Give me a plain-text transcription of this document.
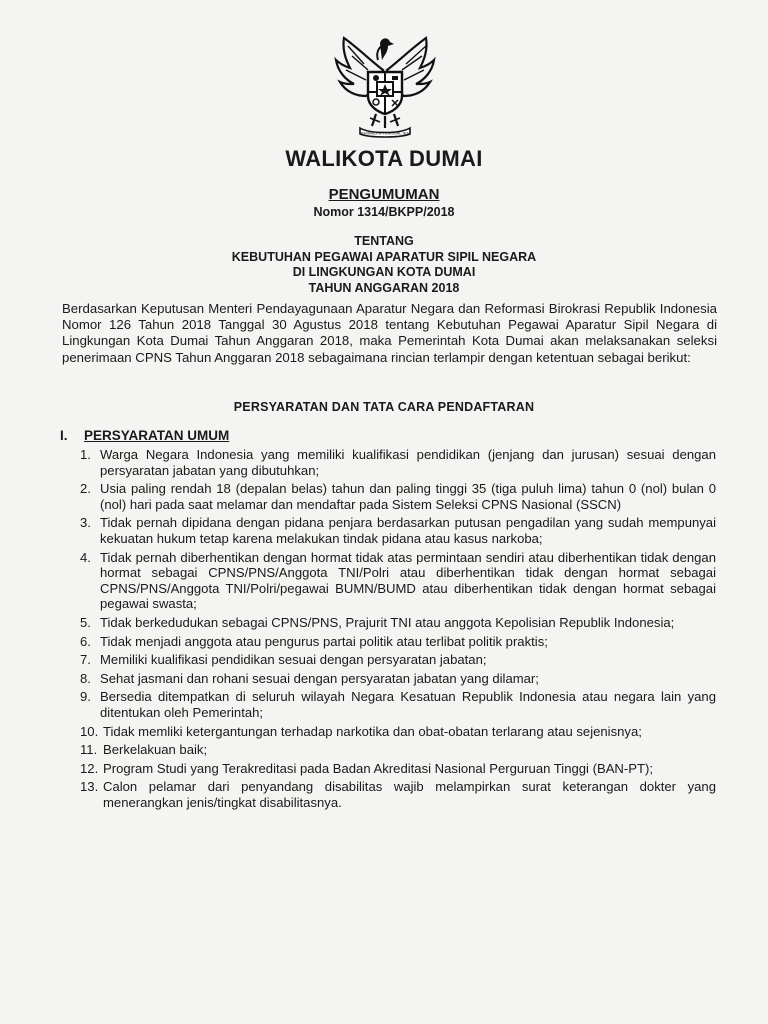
BHINNEKA TUNGGAL IKA
WALIKOTA DUMAI
PENGUMUMAN
Nomor 1314/BKPP/2018
TENTANG
KEBUTUHAN PEGAWAI APARATUR SIPIL NEGARA
DI LINGKUNGAN KOTA DUMAI
TAHUN ANGGARAN 2018
Berdasarkan Keputusan Menteri Pendayagunaan Aparatur Negara dan Reformasi Birokrasi Republik Indonesia Nomor 126 Tahun 2018 Tanggal 30 Agustus 2018 tentang Kebutuhan Pegawai Aparatur Sipil Negara di Lingkungan Kota Dumai Tahun Anggaran 2018, maka Pemerintah Kota Dumai akan melaksanakan seleksi penerimaan CPNS Tahun Anggaran 2018 sebagaimana rincian terlampir dengan ketentuan sebagai berikut:
PERSYARATAN DAN TATA CARA PENDAFTARAN
I. PERSYARATAN UMUM
1. Warga Negara Indonesia yang memiliki kualifikasi pendidikan (jenjang dan jurusan) sesuai dengan persyaratan jabatan yang dibutuhkan;
2. Usia paling rendah 18 (depalan belas) tahun dan paling tinggi 35 (tiga puluh lima) tahun 0 (nol) bulan 0 (nol) hari pada saat melamar dan mendaftar pada Sistem Seleksi CPNS Nasional (SSCN)
3. Tidak pernah dipidana dengan pidana penjara berdasarkan putusan pengadilan yang sudah mempunyai kekuatan hukum tetap karena melakukan tindak pidana atau kasus narkoba;
4. Tidak pernah diberhentikan dengan hormat tidak atas permintaan sendiri atau diberhentikan tidak dengan hormat sebagai CPNS/PNS/Anggota TNI/Polri atau diberhentikan tidak dengan hormat sebagai CPNS/PNS/Anggota TNI/Polri/pegawai BUMN/BUMD atau diberhentikan tidak dengan hormat sebagai pegawai swasta;
5. Tidak berkedudukan sebagai CPNS/PNS, Prajurit TNI atau anggota Kepolisian Republik Indonesia;
6. Tidak menjadi anggota atau pengurus partai politik atau terlibat politik praktis;
7. Memiliki kualifikasi pendidikan sesuai dengan persyaratan jabatan;
8. Sehat jasmani dan rohani sesuai dengan persyaratan jabatan yang dilamar;
9. Bersedia ditempatkan di seluruh wilayah Negara Kesatuan Republik Indonesia atau negara lain yang ditentukan oleh Pemerintah;
10. Tidak memliki ketergantungan terhadap narkotika dan obat-obatan terlarang atau sejenisnya;
11. Berkelakuan baik;
12. Program Studi yang Terakreditasi pada Badan Akreditasi Nasional Perguruan Tinggi (BAN-PT);
13. Calon pelamar dari penyandang disabilitas wajib melampirkan surat keterangan dokter yang menerangkan jenis/tingkat disabilitasnya.
